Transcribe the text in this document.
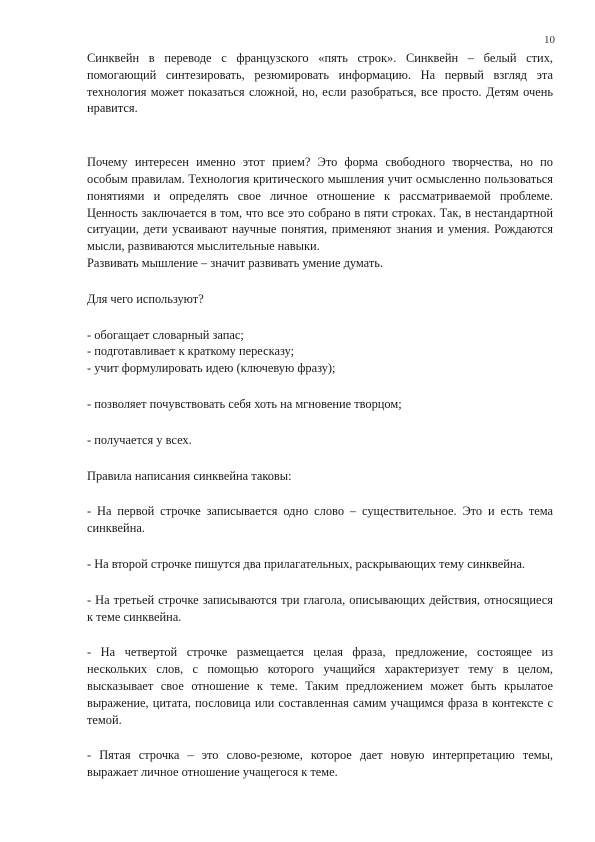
10

Синквейн в переводе с французского «пять строк». Синквейн – белый стих, помогающий синтезировать, резюмировать информацию. На первый взгляд эта технология может показаться сложной, но, если разобраться, все просто. Детям очень нравится.

Почему интересен именно этот прием? Это форма свободного творчества, но по особым правилам. Технология критического мышления учит осмысленно пользоваться понятиями и определять свое личное отношение к рассматриваемой проблеме. Ценность заключается в том, что все это собрано в пяти строках. Так, в нестандартной ситуации, дети усваивают научные понятия, применяют знания и умения. Рождаются мысли, развиваются мыслительные навыки.

Развивать мышление – значит развивать умение думать.

Для чего используют?

- обогащает словарный запас;

- подготавливает к краткому пересказу;

- учит формулировать идею (ключевую фразу);

- позволяет почувствовать себя хоть на мгновение творцом;

- получается у всех.

Правила написания синквейна таковы:

- На первой строчке записывается одно слово – существительное. Это и есть тема синквейна.

- На второй строчке пишутся два прилагательных, раскрывающих тему синквейна.

- На третьей строчке записываются три глагола, описывающих действия, относящиеся к теме синквейна.

- На четвертой строчке размещается целая фраза, предложение, состоящее из нескольких слов, с помощью которого учащийся характеризует тему в целом, высказывает свое отношение к теме. Таким предложением может быть крылатое выражение, цитата, пословица или составленная самим учащимся фраза в контексте с темой.

- Пятая строчка – это слово-резюме, которое дает новую интерпретацию темы, выражает личное отношение учащегося к теме.
